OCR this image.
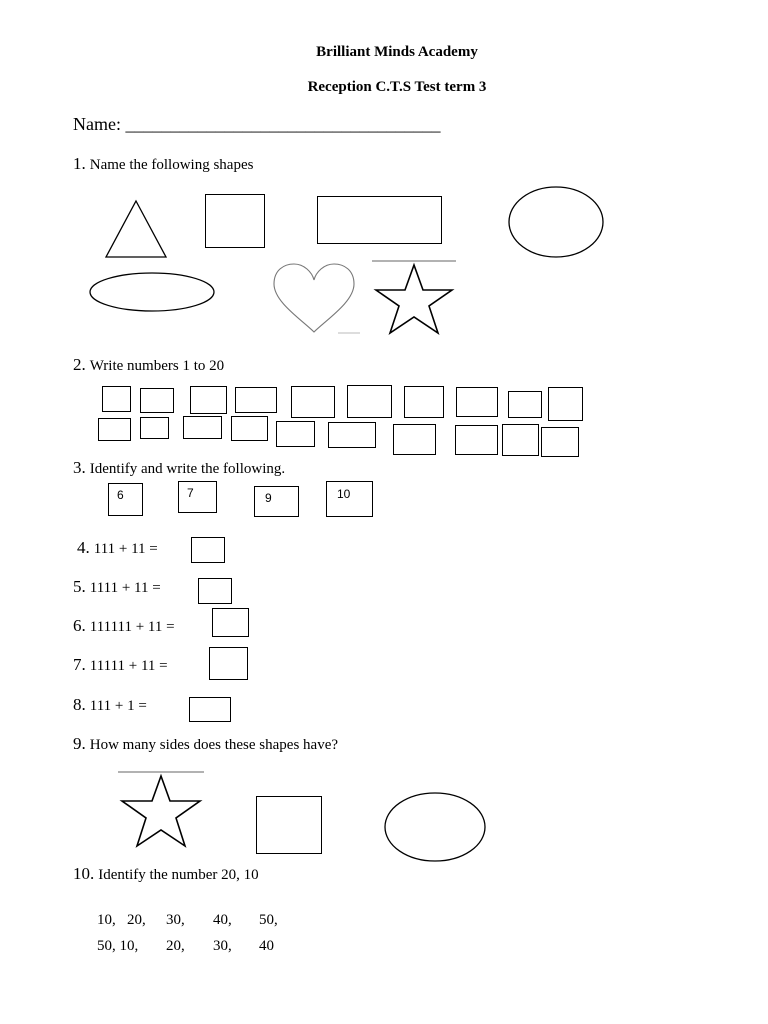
Brilliant Minds Academy
Reception C.T.S Test term 3
Name: ___________________________________
1. Name the following shapes
2. Write numbers 1 to 20
3. Identify and write the following.
6	7	9	10
4. 111 + 11 =
5. 1111 + 11 =
6. 111111 + 11 =
7. 11111 + 11 =
8. 111 + 1 =
9. How many sides does these shapes have?
10. Identify the number 20, 10
10, 20, 30, 40, 50,
50, 10, 20, 30, 40
